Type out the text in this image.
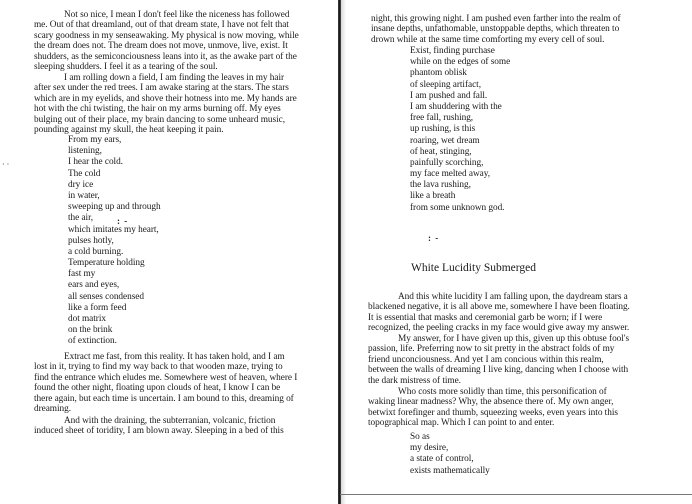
Not so nice, I mean I don't feel like the niceness has followed
me. Out of that dreamland, out of that dream state, I have not felt that
scary goodness in my senseawaking. My physical is now moving, while
the dream does not. The dream does not move, unmove, live, exist. It
shudders, as the semiconciousness leans into it, as the awake part of the
sleeping shudders. I feel it as a tearing of the soul.
I am rolling down a field, I am finding the leaves in my hair
after sex under the red trees. I am awake staring at the stars. The stars
which are in my eyelids, and shove their hotness into me. My hands are
hot with the chi twisting, the hair on my arms burning off. My eyes
bulging out of their place, my brain dancing to some unheard music,
pounding against my skull, the heat keeping it pain.
From my ears,
listening,
I hear the cold.
The cold
dry ice
in water,
sweeping up and through
the air,
which imitates my heart,
pulses hotly,
a cold burning.
Temperature holding
fast my
ears and eyes,
all senses condensed
like a form feed
dot matrix
on the brink
of extinction.
: -
Extract me fast, from this reality. It has taken hold, and I am
lost in it, trying to find my way back to that wooden maze, trying to
find the entrance which eludes me. Somewhere west of heaven, where I
found the other night, floating upon clouds of heat, I know I can be
there again, but each time is uncertain. I am bound to this, dreaming of
dreaming.
And with the draining, the subterranian, volcanic, friction
induced sheet of toridity, I am blown away. Sleeping in a bed of this
· ·
night, this growing night. I am pushed even farther into the realm of
insane depths, unfathomable, unstoppable depths, which threaten to
drown while at the same time comforting my every cell of soul.
Exist, finding purchase
while on the edges of some
phantom oblisk
of sleeping artifact,
I am pushed and fall.
I am shuddering with the
free fall, rushing,
up rushing, is this
roaring, wet dream
of heat, stinging,
painfully scorching,
my face melted away,
the lava rushing,
like a breath
from some unknown god.
: -
White Lucidity Submerged
And this white lucidity I am falling upon, the daydream stars a
blackened negative, it is all above me, somewhere I have been floating.
It is essential that masks and ceremonial garb be worn; if I were
recognized, the peeling cracks in my face would give away my answer.
My answer, for I have given up this, given up this obtuse fool's
passion, life. Preferring now to sit pretty in the abstract folds of my
friend unconciousness. And yet I am concious within this realm,
between the walls of dreaming I live king, dancing when I choose with
the dark mistress of time.
Who costs more solidly than time, this personification of
waking linear madness? Why, the absence there of. My own anger,
betwixt forefinger and thumb, squeezing weeks, even years into this
topographical map. Which I can point to and enter.
So as
my desire,
a state of control,
exists mathematically
